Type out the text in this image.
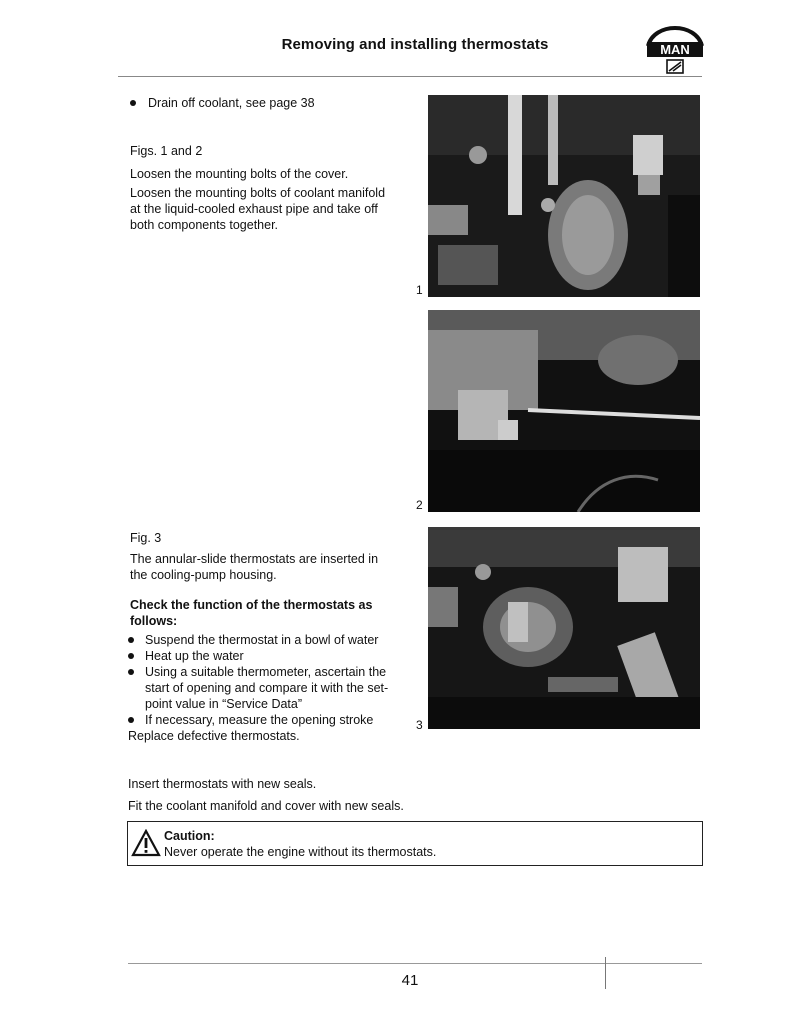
Removing and installing thermostats	MAN
Drain off coolant, see page 38
Figs. 1 and 2
Loosen the mounting bolts of the cover.
Loosen the mounting bolts of coolant manifold at the liquid-cooled exhaust pipe and take off both components together.
Fig. 3
The annular-slide thermostats are inserted in the cooling-pump housing.
Check the function of the thermostats as follows:
Suspend the thermostat in a bowl of water
Heat up the water
Using a suitable thermometer, ascertain the start of opening and compare it with the set-point value in “Service Data”
If necessary, measure the opening stroke
Replace defective thermostats.
Insert thermostats with new seals.
Fit the coolant manifold and cover with new seals.
1
2
3
Caution:
Never operate the engine without its thermostats.
41
